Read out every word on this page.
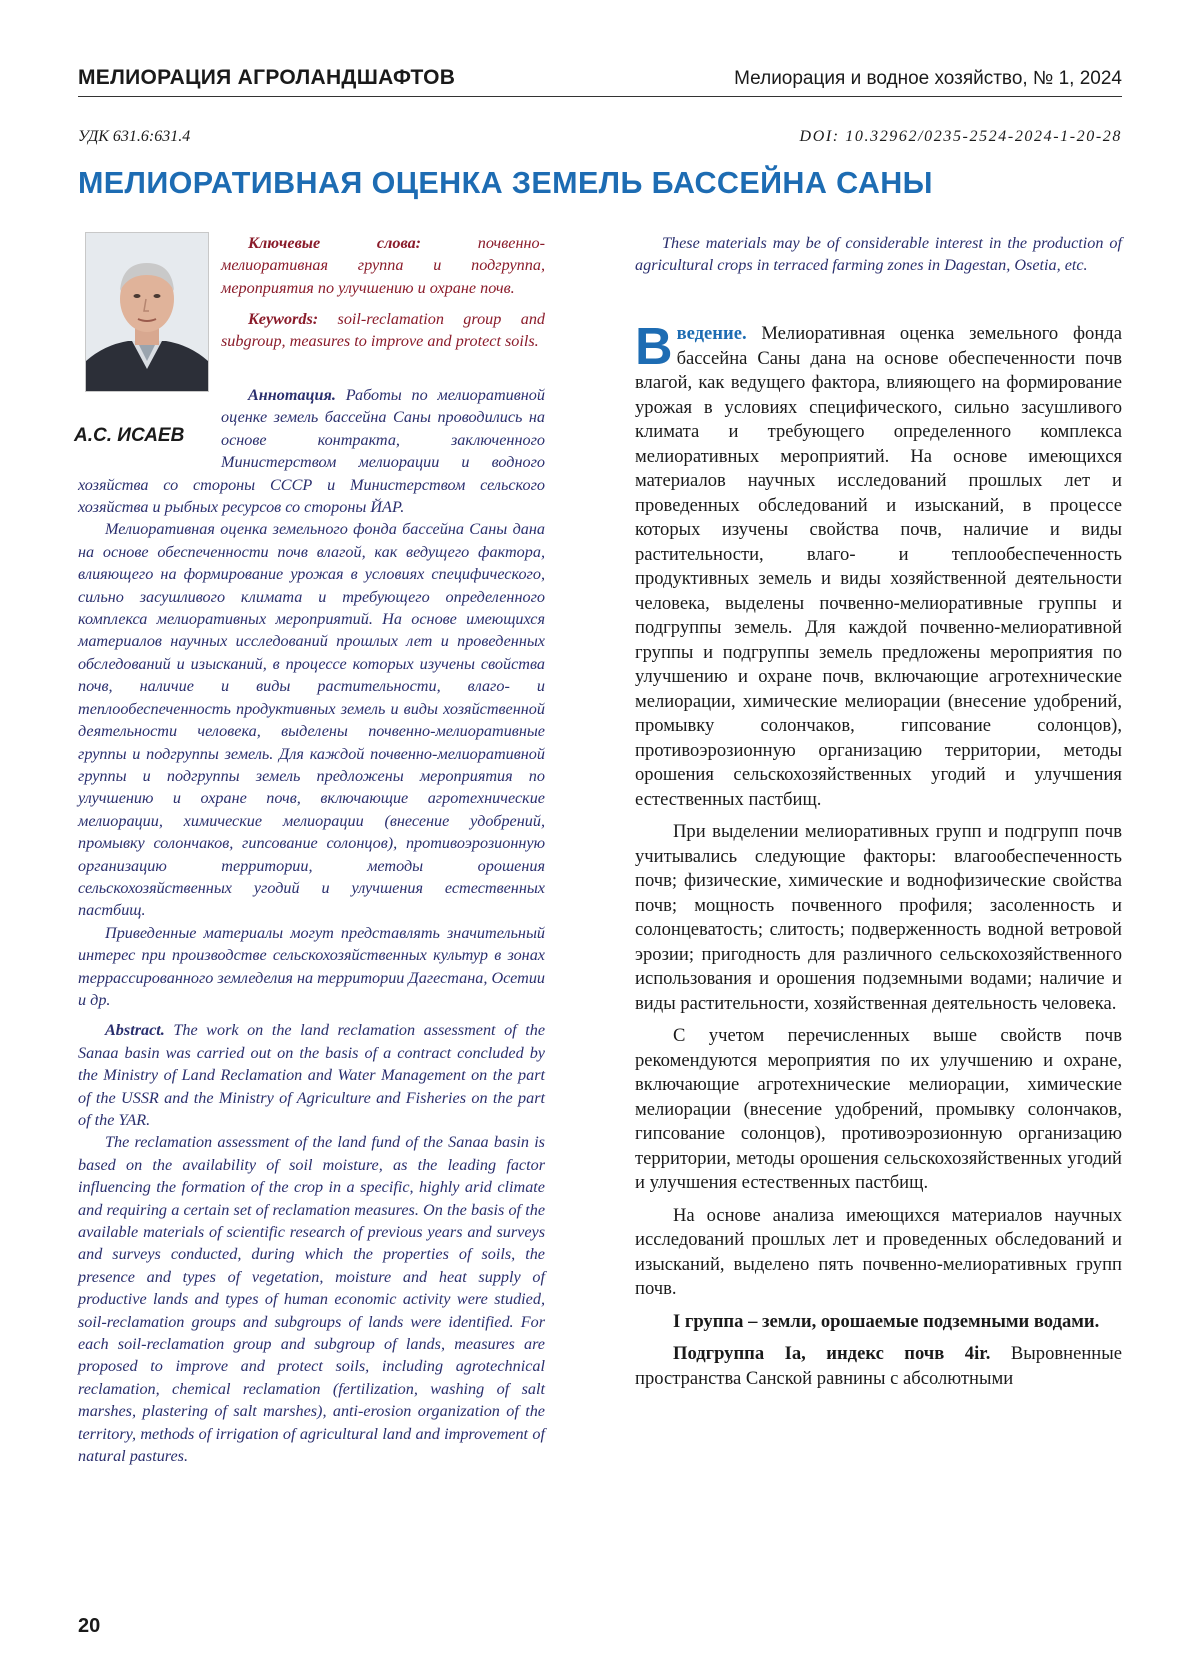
МЕЛИОРАЦИЯ АГРОЛАНДШАФТОВ	Мелиорация и водное хозяйство, № 1, 2024
УДК 631.6:631.4	DOI: 10.32962/0235-2524-2024-1-20-28
МЕЛИОРАТИВНАЯ ОЦЕНКА ЗЕМЕЛЬ БАССЕЙНА САНЫ
А.С. ИСАЕВ
Ключевые слова:	почвенно-мелиоративная группа и подгруппа, мероприятия по улучшению и охране почв.
Keywords: soil-reclamation group and subgroup, measures to improve and protect soils.
Аннотация. Работы по мелиоративной оценке земель бассейна Саны проводились на основе контракта, заключенного Министерством мелиорации и водного хозяйства со стороны СССР и Министерством сельского хозяйства и рыбных ресурсов со стороны ЙАР.
Мелиоративная оценка земельного фонда бассейна Саны дана на основе обеспеченности почв влагой, как ведущего фактора, влияющего на формирование урожая в условиях специфического, сильно засушливого климата и требующего определенного комплекса мелиоративных мероприятий. На основе имеющихся материалов научных исследований прошлых лет и проведенных обследований и изысканий, в процессе которых изучены свойства почв, наличие и виды растительности, влаго- и теплообеспеченность продуктивных земель и виды хозяйственной деятельности человека, выделены почвенно-мелиоративные группы и подгруппы земель. Для каждой почвенно-мелиоративной группы и подгруппы земель предложены мероприятия по улучшению и охране почв, включающие агротехнические мелиорации, химические мелиорации (внесение удобрений, промывку солончаков, гипсование солонцов), противоэрозионную организацию территории, методы орошения сельскохозяйственных угодий и улучшения естественных пастбищ.
Приведенные материалы могут представлять значительный интерес при производстве сельскохозяйственных культур в зонах террассированного земледелия на территории Дагестана, Осетии и др.
Abstract. The work on the land reclamation assessment of the Sanaa basin was carried out on the basis of a contract concluded by the Ministry of Land Reclamation and Water Management on the part of the USSR and the Ministry of Agriculture and Fisheries on the part of the YAR.
The reclamation assessment of the land fund of the Sanaa basin is based on the availability of soil moisture, as the leading factor influencing the formation of the crop in a specific, highly arid climate and requiring a certain set of reclamation measures. On the basis of the available materials of scientific research of previous years and surveys and surveys conducted, during which the properties of soils, the presence and types of vegetation, moisture and heat supply of productive lands and types of human economic activity were studied, soil-reclamation groups and subgroups of lands were identified. For each soil-reclamation group and subgroup of lands, measures are proposed to improve and protect soils, including agrotechnical reclamation, chemical reclamation (fertilization, washing of salt marshes, plastering of salt marshes), anti-erosion organization of the territory, methods of irrigation of agricultural land and improvement of natural pastures.
These materials may be of considerable interest in the production of agricultural crops in terraced farming zones in Dagestan, Osetia, etc.

Введение. Мелиоративная оценка земельного фонда бассейна Саны дана на основе обеспеченности почв влагой, как ведущего фактора, влияющего на формирование урожая в условиях специфического, сильно засушливого климата и требующего определенного комплекса мелиоративных мероприятий. На основе имеющихся материалов научных исследований прошлых лет и проведенных обследований и изысканий, в процессе которых изучены свойства почв, наличие и виды растительности, влаго- и теплообеспеченность продуктивных земель и виды хозяйственной деятельности человека, выделены почвенно-мелиоративные группы и подгруппы земель. Для каждой почвенно-мелиоративной группы и подгруппы земель предложены мероприятия по улучшению и охране почв, включающие агротехнические мелиорации, химические мелиорации (внесение удобрений, промывку солончаков, гипсование солонцов), противоэрозионную организацию территории, методы орошения сельскохозяйственных угодий и улучшения естественных пастбищ.

При выделении мелиоративных групп и подгрупп почв учитывались следующие факторы: влагообеспеченность почв; физические, химические и воднофизические свойства почв; мощность почвенного профиля; засоленность и солонцеватость; слитость; подверженность водной ветровой эрозии; пригодность для различного сельскохозяйственного использования и орошения подземными водами; наличие и виды растительности, хозяйственная деятельность человека.

С учетом перечисленных выше свойств почв рекомендуются мероприятия по их улучшению и охране, включающие агротехнические мелиорации, химические мелиорации (внесение удобрений, промывку солончаков, гипсование солонцов), противоэрозионную организацию территории, методы орошения сельскохозяйственных угодий и улучшения естественных пастбищ.

На основе анализа имеющихся материалов научных исследований прошлых лет и проведенных обследований и изысканий, выделено пять почвенно-мелиоративных групп почв.

I группа – земли, орошаемые подземными водами.

Подгруппа Iа, индекс почв 4ir. Выровненные пространства Санской равнины с абсолютными

20
